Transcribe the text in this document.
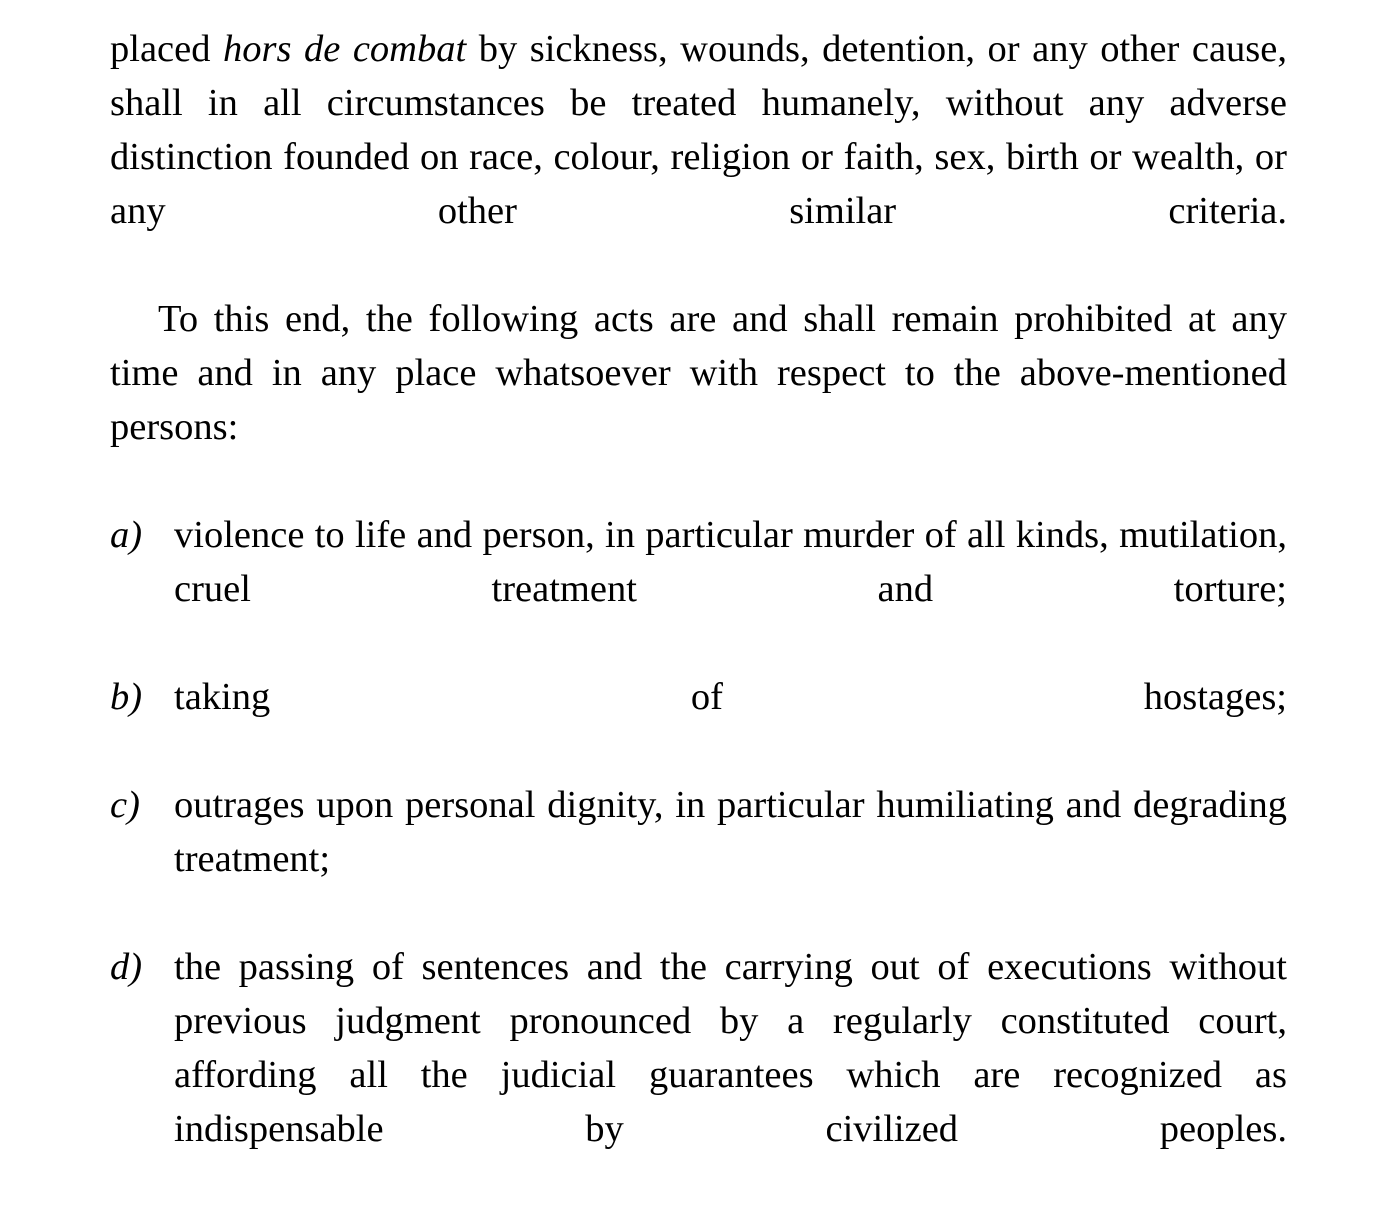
placed hors de combat by sickness, wounds, detention, or any other cause, shall in all circumstances be treated humanely, without any adverse distinction founded on race, colour, religion or faith, sex, birth or wealth, or any other similar criteria.

To this end, the following acts are and shall remain prohibited at any time and in any place whatsoever with respect to the above-mentioned persons:

a) violence to life and person, in particular murder of all kinds, mutilation, cruel treatment and torture;
b) taking of hostages;
c) outrages upon personal dignity, in particular humiliating and degrading treatment;
d) the passing of sentences and the carrying out of executions without previous judgment pronounced by a regularly constituted court, affording all the judicial guarantees which are recognized as indispensable by civilized peoples.
